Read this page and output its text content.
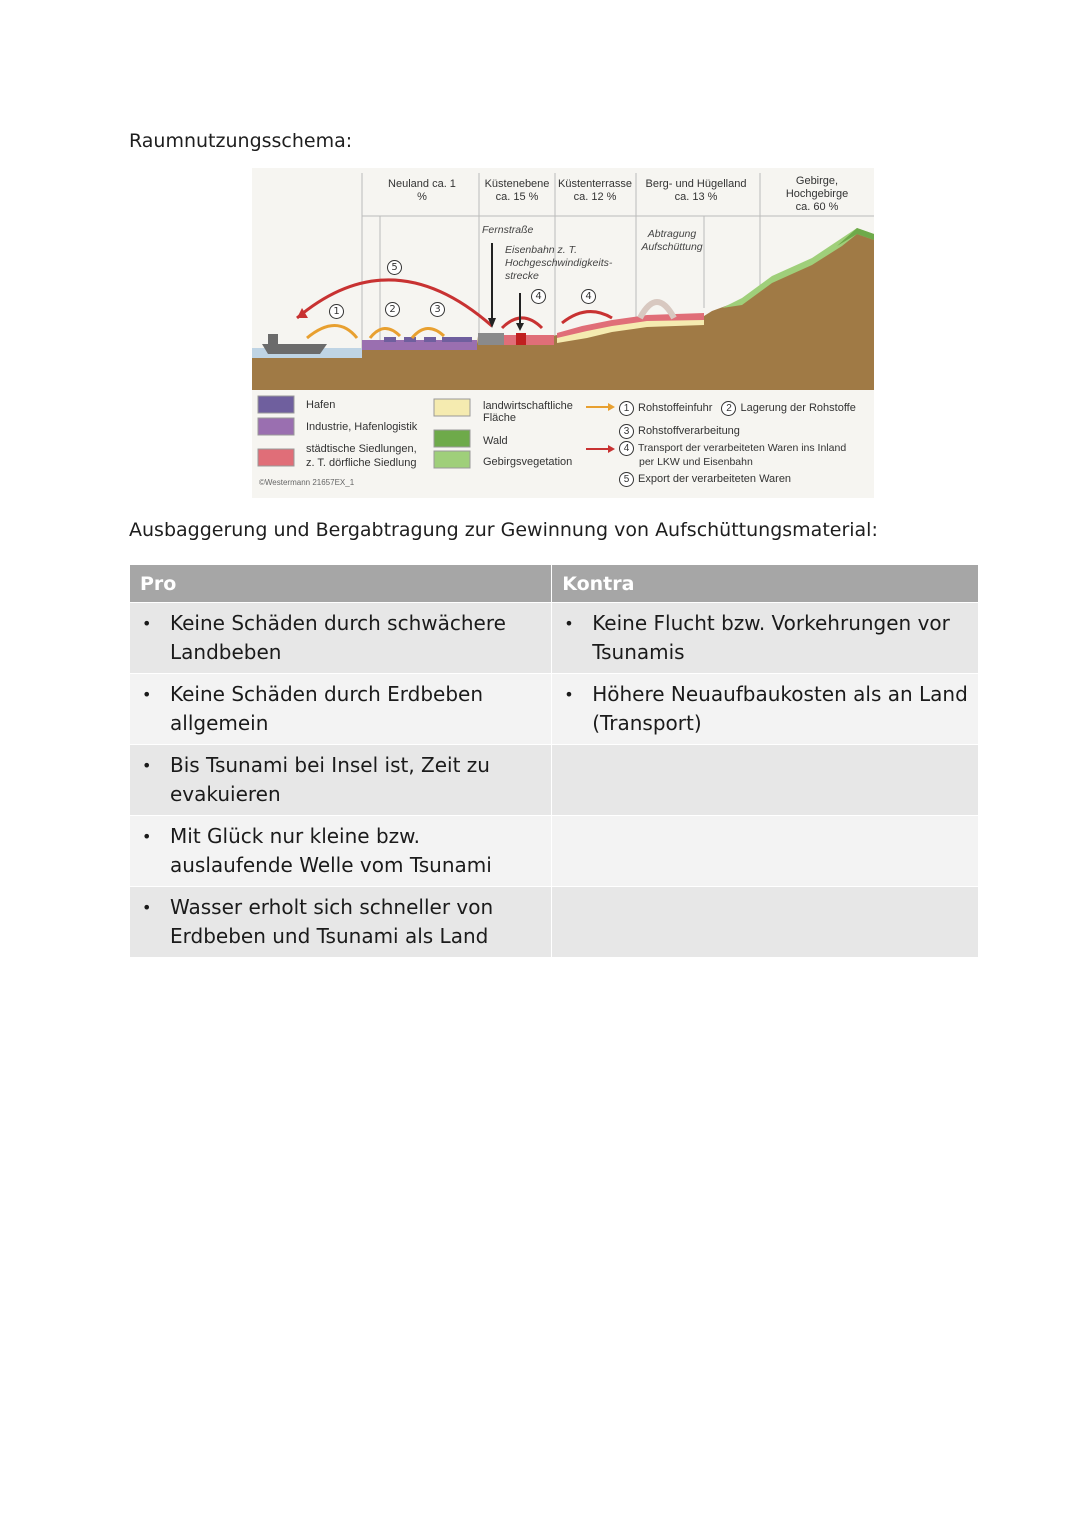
Raumnutzungsschema:
Neuland ca. 1 %
Küstenebene
ca. 15 %
Küstenterrasse
ca. 12 %
Berg- und Hügelland
ca. 13 %
Gebirge,
Hochgebirge
ca. 60 %
Fernstraße
Eisenbahn z. T.
Hochgeschwindigkeits-
strecke
Abtragung
Aufschüttung
1	2	3
4	4
5
Hafen
Industrie, Hafenlogistik
städtische Siedlungen,
z. T. dörfliche Siedlung
©Westermann 21657EX_1
landwirtschaftliche
Fläche
Wald
Gebirgsvegetation
1 Rohstoffeinfuhr 2 Lagerung der Rohstoffe
3 Rohstoffverarbeitung
4 Transport der verarbeiteten Waren ins Inland
per LKW und Eisenbahn
5 Export der verarbeiteten Waren
Ausbaggerung und Bergabtragung zur Gewinnung von Aufschüttungsmaterial:
Pro	Kontra

• Keine Schäden durch schwächere Landbeben	• Keine Flucht bzw. Vorkehrungen vor Tsunamis

• Keine Schäden durch Erdbeben allgemein	• Höhere Neuaufbaukosten als an Land (Transport)

• Bis Tsunami bei Insel ist, Zeit zu evakuieren	

• Mit Glück nur kleine bzw. auslaufende Welle vom Tsunami	

• Wasser erholt sich schneller von Erdbeben und Tsunami als Land	
